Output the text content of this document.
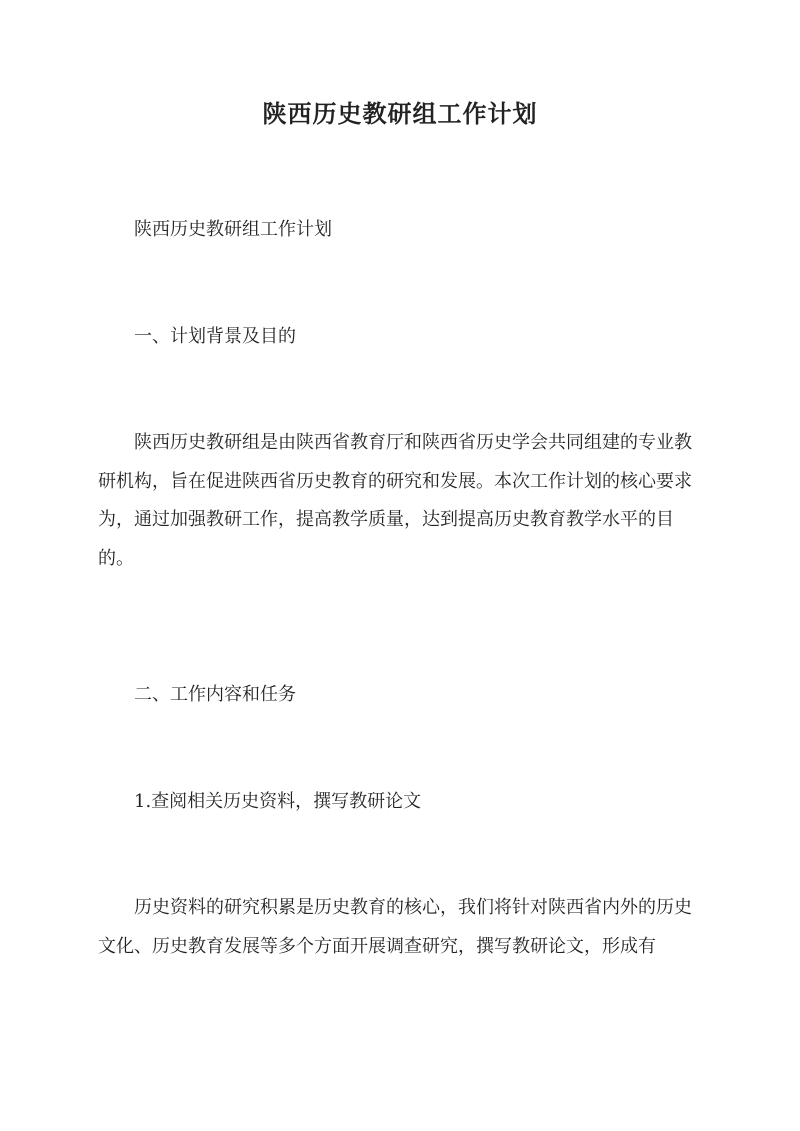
陕西历史教研组工作计划

陕西历史教研组工作计划

一、计划背景及目的

陕西历史教研组是由陕西省教育厅和陕西省历史学会共同组建的专业教研机构，旨在促进陕西省历史教育的研究和发展。本次工作计划的核心要求为，通过加强教研工作，提高教学质量，达到提高历史教育教学水平的目的。

二、工作内容和任务

1.查阅相关历史资料，撰写教研论文

历史资料的研究积累是历史教育的核心，我们将针对陕西省内外的历史文化、历史教育发展等多个方面开展调查研究，撰写教研论文，形成有
